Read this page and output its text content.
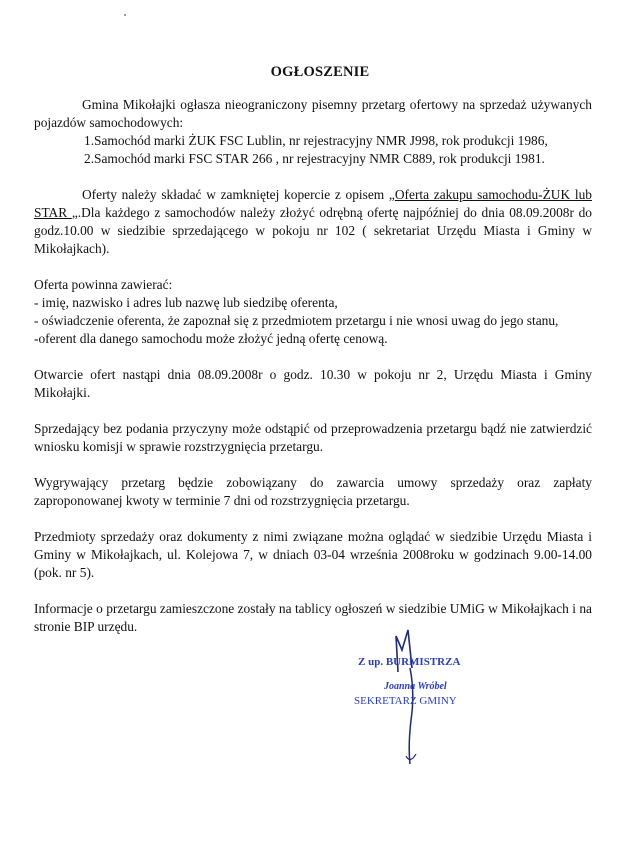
OGŁOSZENIE

Gmina Mikołajki ogłasza nieograniczony pisemny przetarg ofertowy na sprzedaż używanych pojazdów samochodowych:

1.Samochód marki ŻUK FSC Lublin, nr rejestracyjny NMR J998, rok produkcji 1986,

2.Samochód marki FSC STAR 266 , nr rejestracyjny NMR C889, rok produkcji 1981.

Oferty należy składać w zamkniętej kopercie z opisem „Oferta zakupu samochodu-ŻUK lub STAR „.Dla każdego z samochodów należy złożyć odrębną ofertę najpóźniej do dnia 08.09.2008r do godz.10.00 w siedzibie sprzedającego w pokoju nr 102 ( sekretariat Urzędu Miasta i Gminy w Mikołajkach).

Oferta powinna zawierać:

- imię, nazwisko i adres lub nazwę lub siedzibę oferenta,

- oświadczenie oferenta, że zapoznał się z przedmiotem przetargu i nie wnosi uwag do jego stanu,

-oferent dla danego samochodu może złożyć jedną ofertę cenową.

Otwarcie ofert nastąpi dnia 08.09.2008r o godz. 10.30 w pokoju nr 2, Urzędu Miasta i Gminy Mikołajki.

Sprzedający bez podania przyczyny może odstąpić od przeprowadzenia przetargu bądź nie zatwierdzić wniosku komisji w sprawie rozstrzygnięcia przetargu.

Wygrywający przetarg będzie zobowiązany do zawarcia umowy sprzedaży oraz zapłaty zaproponowanej kwoty w terminie 7 dni od rozstrzygnięcia przetargu.

Przedmioty sprzedaży oraz dokumenty z nimi związane można oglądać w siedzibie Urzędu Miasta i Gminy w Mikołajkach, ul. Kolejowa 7, w dniach 03-04 września 2008roku w godzinach 9.00-14.00 (pok. nr 5).

Informacje o przetargu zamieszczone zostały na tablicy ogłoszeń w siedzibie UMiG w Mikołajkach i na stronie BIP urzędu.

Z up. BURMISTRZA
Joanna Wróbel
SEKRETARZ GMINY
